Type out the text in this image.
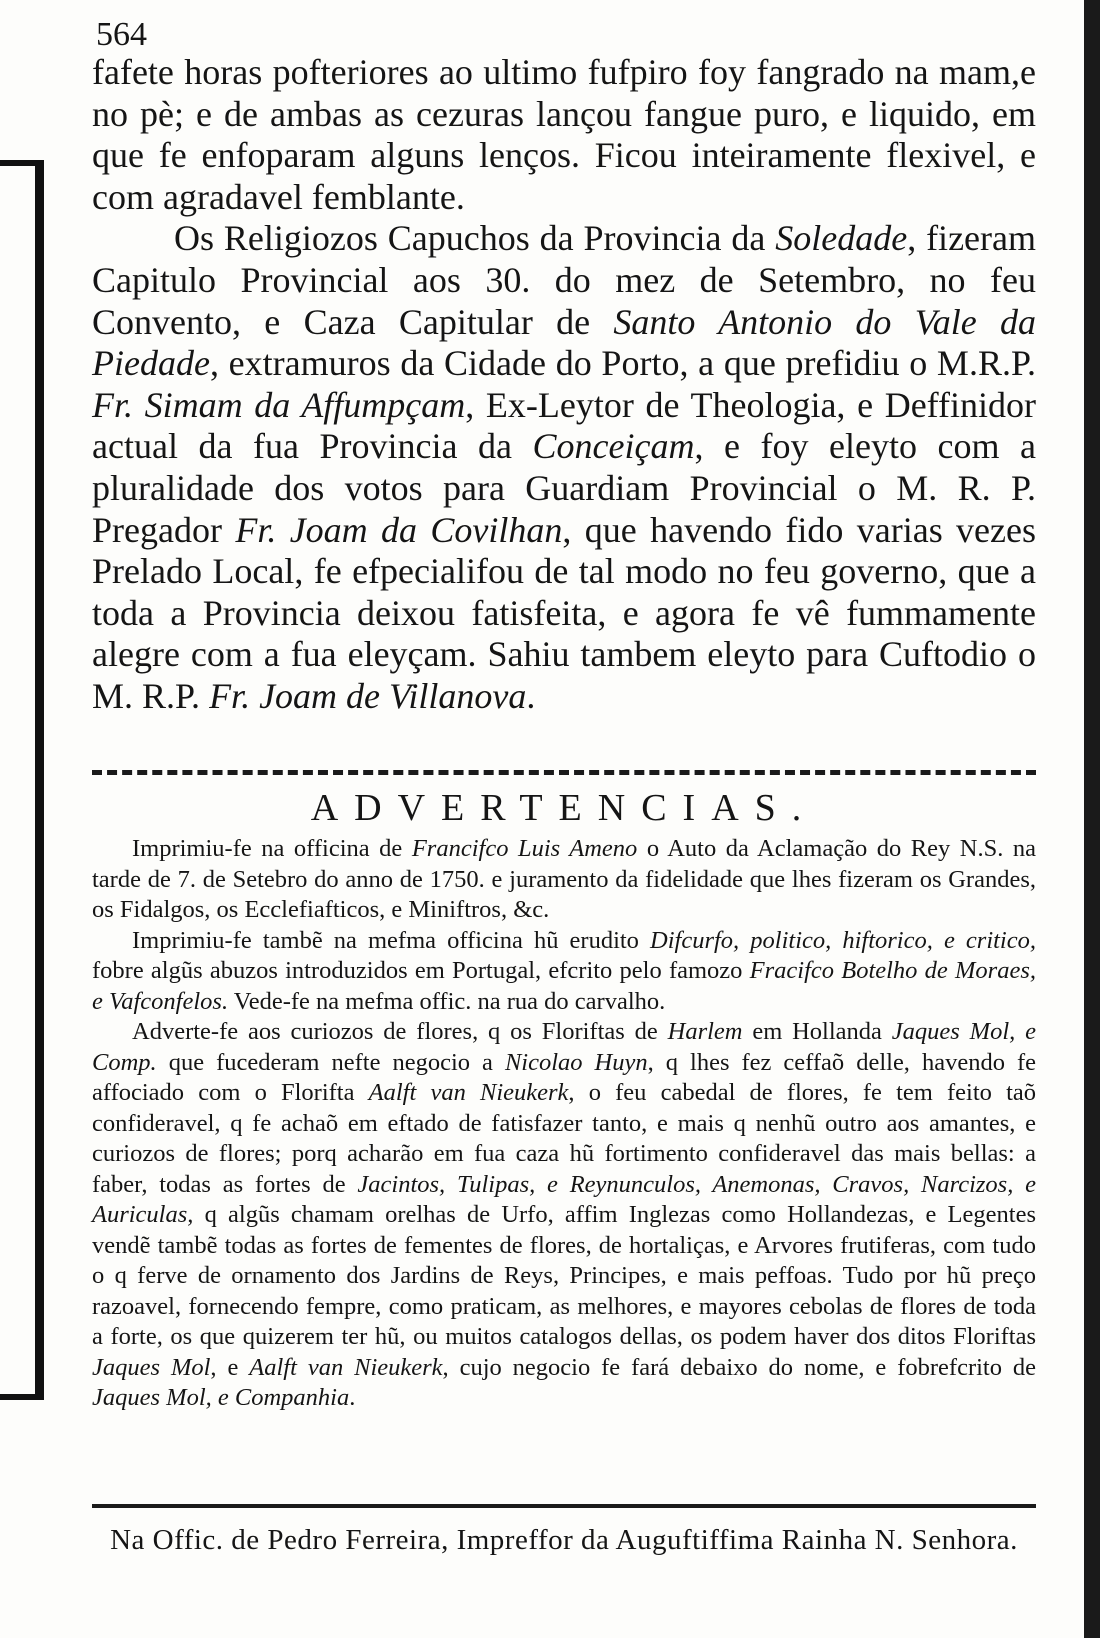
564

fafete horas pofteriores ao ultimo fufpiro foy fangrado na mam,e no pè; e de ambas as cezuras lançou fangue puro, e liquido, em que fe enfoparam alguns lenços. Ficou inteiramente flexivel, e com agradavel femblante.

Os Religiozos Capuchos da Provincia da Soledade, fizeram Capitulo Provincial aos 30. do mez de Setembro, no feu Convento, e Caza Capitular de Santo Antonio do Vale da Piedade, extramuros da Cidade do Porto, a que prefidiu o M.R.P. Fr. Simam da Affumpçam, Ex-Leytor de Theologia, e Deffinidor actual da fua Provincia da Conceiçam, e foy eleyto com a pluralidade dos votos para Guardiam Provincial o M. R. P. Pregador Fr. Joam da Covilhan, que havendo fido varias vezes Prelado Local, fe efpecialifou de tal modo no feu governo, que a toda a Provincia deixou fatisfeita, e agora fe vê fummamente alegre com a fua eleyçam. Sahiu tambem eleyto para Cuftodio o M. R.P. Fr. Joam de Villanova.

ADVERTENCIAS.

Imprimiu-fe na officina de Francifco Luis Ameno o Auto da Aclamação do Rey N.S. na tarde de 7. de Setebro do anno de 1750. e juramento da fidelidade que lhes fizeram os Grandes, os Fidalgos, os Ecclefiafticos, e Miniftros, &c.

Imprimiu-fe tambẽ na mefma officina hũ erudito Difcurfo, politico, hiftorico, e critico, fobre algũs abuzos introduzidos em Portugal, efcrito pelo famozo Fracifco Botelho de Moraes, e Vafconfelos. Vede-fe na mefma offic. na rua do carvalho.

Adverte-fe aos curiozos de flores, q os Floriftas de Harlem em Hollanda Jaques Mol, e Comp. que fucederam nefte negocio a Nicolao Huyn, q lhes fez ceffaõ delle, havendo fe affociado com o Florifta Aalft van Nieukerk, o feu cabedal de flores, fe tem feito taõ confideravel, q fe achaõ em eftado de fatisfazer tanto, e mais q nenhũ outro aos amantes, e curiozos de flores; porq acharão em fua caza hũ fortimento confideravel das mais bellas: a faber, todas as fortes de Jacintos, Tulipas, e Reynunculos, Anemonas, Cravos, Narcizos, e Auriculas, q algũs chamam orelhas de Urfo, affim Inglezas como Hollandezas, e Legentes vendẽ tambẽ todas as fortes de fementes de flores, de hortaliças, e Arvores frutiferas, com tudo o q ferve de ornamento dos Jardins de Reys, Principes, e mais peffoas. Tudo por hũ preço razoavel, fornecendo fempre, como praticam, as melhores, e mayores cebolas de flores de toda a forte, os que quizerem ter hũ, ou muitos catalogos dellas, os podem haver dos ditos Floriftas Jaques Mol, e Aalft van Nieukerk, cujo negocio fe fará debaixo do nome, e fobrefcrito de Jaques Mol, e Companhia.

Na Offic. de Pedro Ferreira, Impreffor da Auguftiffima Rainha N. Senhora.
